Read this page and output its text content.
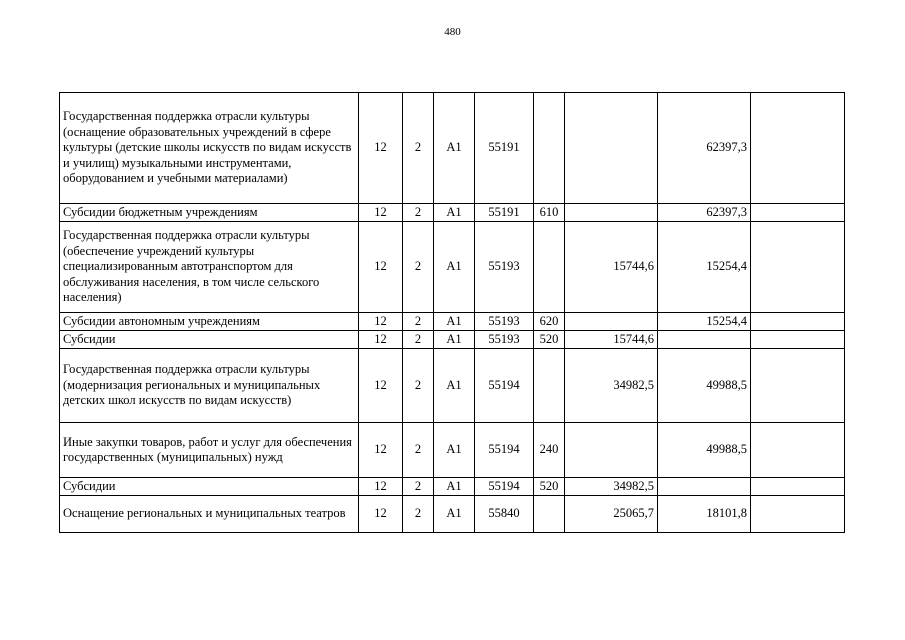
480
Государственная поддержка отрасли культуры (оснащение образовательных учреждений в сфере культуры (детские школы искусств по видам искусств и училищ) музыкальными инструментами, оборудованием и учебными материалами)	12	2	А1	55191			62397,3	
Субсидии бюджетным учреждениям	12	2	А1	55191	610		62397,3	
Государственная поддержка отрасли культуры (обеспечение учреждений культуры специализированным автотранспортом для обслуживания населения, в том числе сельского населения)	12	2	А1	55193		15744,6	15254,4	
Субсидии автономным учреждениям	12	2	А1	55193	620		15254,4	
Субсидии	12	2	А1	55193	520	15744,6		
Государственная поддержка отрасли культуры (модернизация региональных и муниципальных детских школ искусств по видам искусств)	12	2	А1	55194		34982,5	49988,5	
Иные закупки товаров, работ и услуг для обеспечения государственных (муниципальных) нужд	12	2	А1	55194	240		49988,5	
Субсидии	12	2	А1	55194	520	34982,5		
Оснащение региональных и муниципальных театров	12	2	А1	55840		25065,7	18101,8	
